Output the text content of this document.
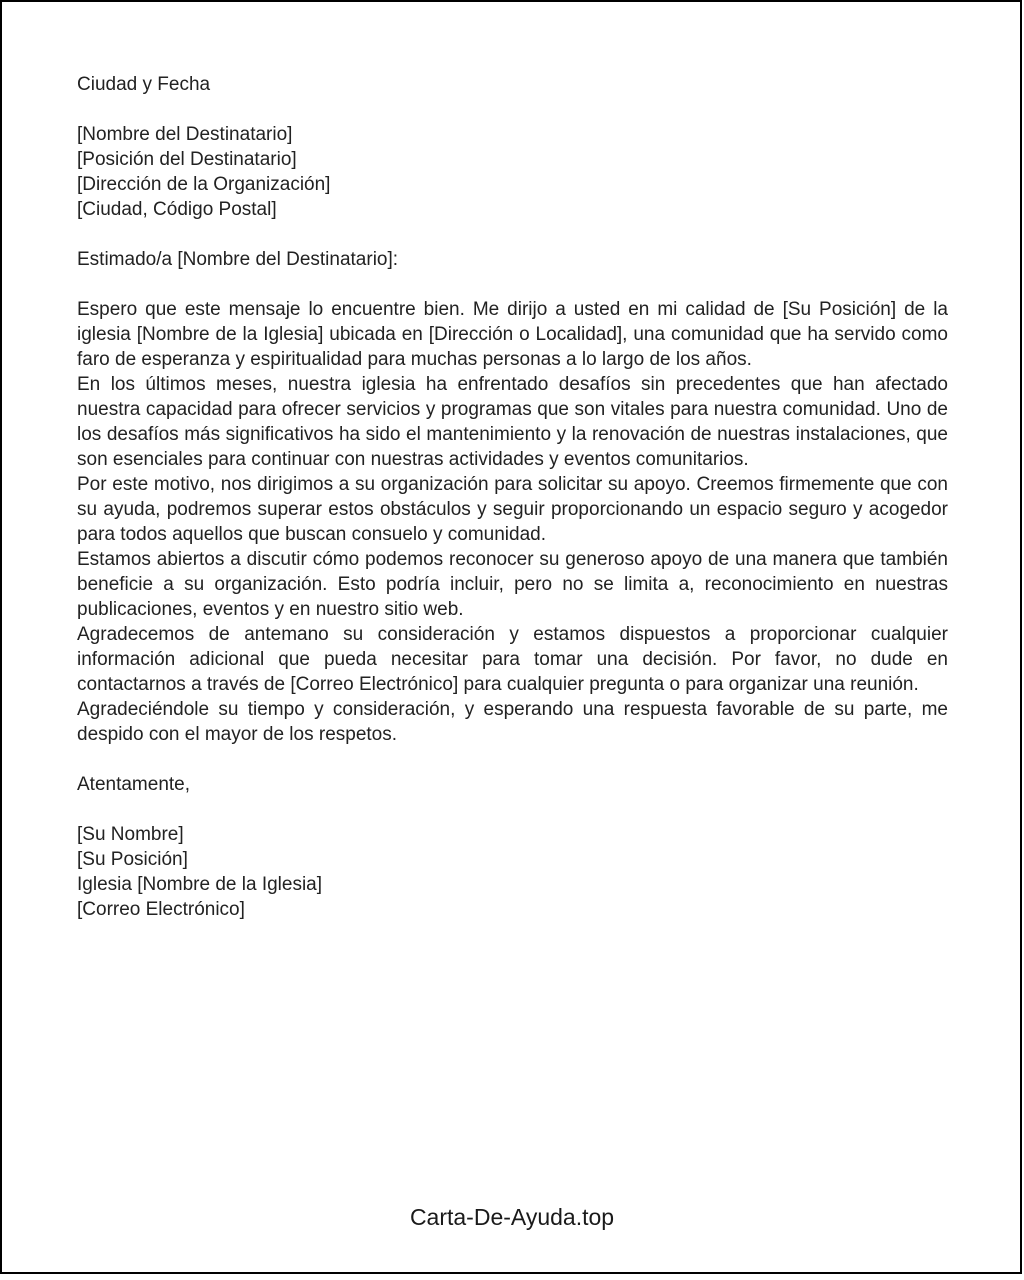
Ciudad y Fecha

[Nombre del Destinatario]

[Posición del Destinatario]

[Dirección de la Organización]

[Ciudad, Código Postal]

Estimado/a [Nombre del Destinatario]:

Espero que este mensaje lo encuentre bien. Me dirijo a usted en mi calidad de [Su Posición] de la iglesia [Nombre de la Iglesia] ubicada en [Dirección o Localidad], una comunidad que ha servido como faro de esperanza y espiritualidad para muchas personas a lo largo de los años.

En los últimos meses, nuestra iglesia ha enfrentado desafíos sin precedentes que han afectado nuestra capacidad para ofrecer servicios y programas que son vitales para nuestra comunidad. Uno de los desafíos más significativos ha sido el mantenimiento y la renovación de nuestras instalaciones, que son esenciales para continuar con nuestras actividades y eventos comunitarios.

Por este motivo, nos dirigimos a su organización para solicitar su apoyo. Creemos firmemente que con su ayuda, podremos superar estos obstáculos y seguir proporcionando un espacio seguro y acogedor para todos aquellos que buscan consuelo y comunidad.

Estamos abiertos a discutir cómo podemos reconocer su generoso apoyo de una manera que también beneficie a su organización. Esto podría incluir, pero no se limita a, reconocimiento en nuestras publicaciones, eventos y en nuestro sitio web.

Agradecemos de antemano su consideración y estamos dispuestos a proporcionar cualquier información adicional que pueda necesitar para tomar una decisión. Por favor, no dude en contactarnos a través de [Correo Electrónico] para cualquier pregunta o para organizar una reunión.

Agradeciéndole su tiempo y consideración, y esperando una respuesta favorable de su parte, me despido con el mayor de los respetos.

Atentamente,

[Su Nombre]

[Su Posición]

Iglesia [Nombre de la Iglesia]

[Correo Electrónico]

Carta-De-Ayuda.top
